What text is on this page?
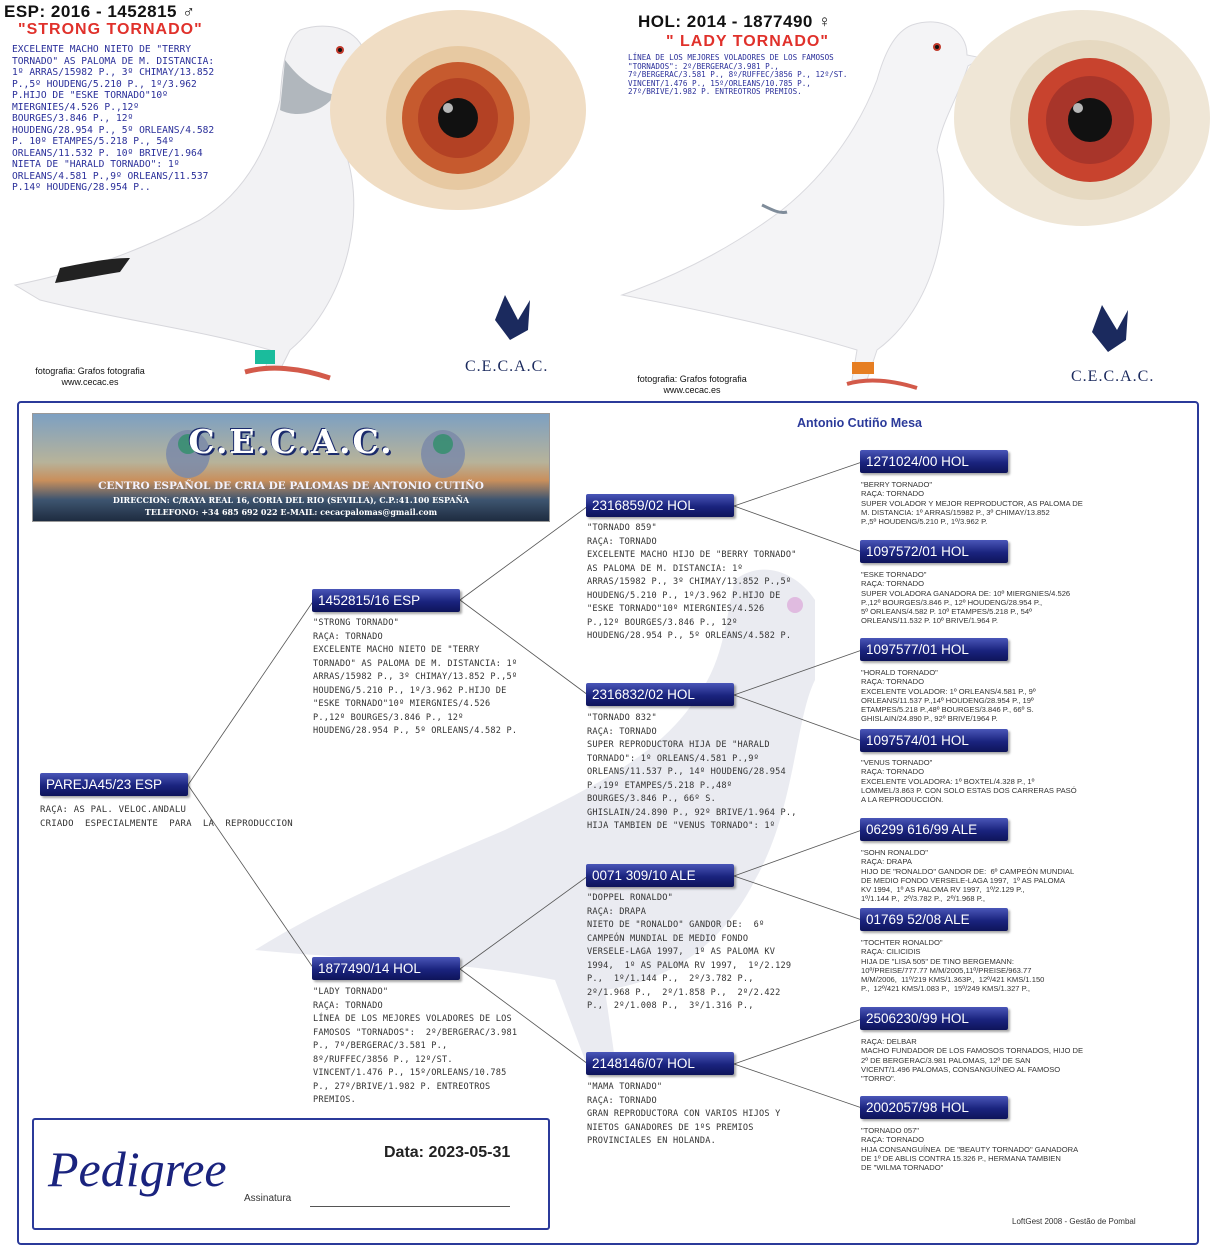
ESP: 2016 - 1452815 ♂
"STRONG TORNADO"
EXCELENTE MACHO NIETO DE "TERRY
TORNADO" AS PALOMA DE M. DISTANCIA:
1º ARRAS/15982 P., 3º CHIMAY/13.852
P.,5º HOUDENG/5.210 P., 1º/3.962
P.HIJO DE "ESKE TORNADO"10º
MIERGNIES/4.526 P.,12º
BOURGES/3.846 P., 12º
HOUDENG/28.954 P., 5º ORLEANS/4.582
P. 10º ETAMPES/5.218 P., 54º
ORLEANS/11.532 P. 10º BRIVE/1.964
NIETA DE "HARALD TORNADO": 1º
ORLEANS/4.581 P.,9º ORLEANS/11.537
P.14º HOUDENG/28.954 P..
fotografia: Grafos fotografia
www.cecac.es
C.E.C.A.C.
HOL: 2014 - 1877490 ♀
" LADY TORNADO"
LÍNEA DE LOS MEJORES VOLADORES DE LOS FAMOSOS
"TORNADOS": 2º/BERGERAC/3.981 P.,
7º/BERGERAC/3.581 P., 8º/RUFFEC/3856 P., 12º/ST.
VINCENT/1.476 P., 15º/ORLEANS/10.785 P.,
27º/BRIVE/1.982 P. ENTREOTROS PREMIOS.
fotografia: Grafos fotografia
www.cecac.es
C.E.C.A.C.
Antonio Cutiño Mesa
C.E.C.A.C.
CENTRO ESPAÑOL DE CRIA DE PALOMAS DE ANTONIO CUTIÑO
DIRECCION: C/RAYA REAL 16, CORIA DEL RIO (SEVILLA), C.P.:41.100 ESPAÑA
TELEFONO: +34 685 692 022 E-MAIL: cecacpalomas@gmail.com
PAREJA45/23 ESP
RAÇA: AS PAL. VELOC.ANDALU
CRIADO  ESPECIALMENTE  PARA  LA  REPRODUCCION
1452815/16 ESP
"STRONG TORNADO"
RAÇA: TORNADO
EXCELENTE MACHO NIETO DE "TERRY
TORNADO" AS PALOMA DE M. DISTANCIA: 1º
ARRAS/15982 P., 3º CHIMAY/13.852 P.,5º
HOUDENG/5.210 P., 1º/3.962 P.HIJO DE
"ESKE TORNADO"10º MIERGNIES/4.526
P.,12º BOURGES/3.846 P., 12º
HOUDENG/28.954 P., 5º ORLEANS/4.582 P.
1877490/14 HOL
"LADY TORNADO"
RAÇA: TORNADO
LÍNEA DE LOS MEJORES VOLADORES DE LOS
FAMOSOS "TORNADOS":  2º/BERGERAC/3.981
P., 7º/BERGERAC/3.581 P.,
8º/RUFFEC/3856 P., 12º/ST.
VINCENT/1.476 P., 15º/ORLEANS/10.785
P., 27º/BRIVE/1.982 P. ENTREOTROS
PREMIOS.
2316859/02 HOL
"TORNADO 859"
RAÇA: TORNADO
EXCELENTE MACHO HIJO DE "BERRY TORNADO"
AS PALOMA DE M. DISTANCIA: 1º
ARRAS/15982 P., 3º CHIMAY/13.852 P.,5º
HOUDENG/5.210 P., 1º/3.962 P.HIJO DE
"ESKE TORNADO"10º MIERGNIES/4.526
P.,12º BOURGES/3.846 P., 12º
HOUDENG/28.954 P., 5º ORLEANS/4.582 P.
2316832/02 HOL
"TORNADO 832"
RAÇA: TORNADO
SUPER REPRODUCTORA HIJA DE "HARALD
TORNADO": 1º ORLEANS/4.581 P.,9º
ORLEANS/11.537 P., 14º HOUDENG/28.954
P.,19º ETAMPES/5.218 P.,48º
BOURGES/3.846 P., 66º S.
GHISLAIN/24.890 P., 92º BRIVE/1.964 P.,
HIJA TAMBIEN DE "VENUS TORNADO": 1º
0071 309/10 ALE
"DOPPEL RONALDO"
RAÇA: DRAPA
NIETO DE "RONALDO" GANDOR DE:  6º
CAMPEÓN MUNDIAL DE MEDIO FONDO
VERSELE-LAGA 1997,  1º AS PALOMA KV
1994,  1º AS PALOMA RV 1997,  1º/2.129
P.,  1º/1.144 P.,  2º/3.782 P.,
2º/1.968 P.,  2º/1.858 P.,  2º/2.422
P.,  2º/1.008 P.,  3º/1.316 P.,
2148146/07 HOL
"MAMA TORNADO"
RAÇA: TORNADO
GRAN REPRODUCTORA CON VARIOS HIJOS Y
NIETOS GANADORES DE 1ºS PREMIOS
PROVINCIALES EN HOLANDA.
1271024/00 HOL
"BERRY TORNADO"
RAÇA: TORNADO
SUPER VOLADOR Y MEJOR REPRODUCTOR, AS PALOMA DE
M. DISTANCIA: 1º ARRAS/15982 P., 3º CHIMAY/13.852
P.,5º HOUDENG/5.210 P., 1º/3.962 P.
1097572/01 HOL
"ESKE TORNADO"
RAÇA: TORNADO
SUPER VOLADORA GANADORA DE: 10º MIERGNIES/4.526
P.,12º BOURGES/3.846 P., 12º HOUDENG/28.954 P.,
5º ORLEANS/4.582 P. 10º ETAMPES/5.218 P., 54º
ORLEANS/11.532 P. 10º BRIVE/1.964 P.
1097577/01 HOL
"HORALD TORNADO"
RAÇA: TORNADO
EXCELENTE VOLADOR: 1º ORLEANS/4.581 P., 9º
ORLEANS/11.537 P.,14º HOUDENG/28.954 P., 19º
ETAMPES/5.218 P.,48º BOURGES/3.846 P., 66º S.
GHISLAIN/24.890 P., 92º BRIVE/1964 P.
1097574/01 HOL
"VENUS TORNADO"
RAÇA: TORNADO
EXCELENTE VOLADORA: 1º BOXTEL/4.328 P., 1º
LOMMEL/3.863 P. CON SOLO ESTAS DOS CARRERAS PASÓ
A LA REPRODUCCIÓN.
06299 616/99 ALE
"SOHN RONALDO"
RAÇA: DRAPA
HIJO DE "RONALDO" GANDOR DE:  6º CAMPEÓN MUNDIAL
DE MEDIO FONDO VERSELE-LAGA 1997,  1º AS PALOMA
KV 1994,  1º AS PALOMA RV 1997,  1º/2.129 P.,
1º/1.144 P.,  2º/3.782 P.,  2º/1.968 P.,
01769 52/08 ALE
"TOCHTER RONALDO"
RAÇA: CILICIDIS
HIJA DE "LISA 505" DE TINO BERGEMANN:
10º/PREISE/777.77 M/M/2005,11º/PREISE/963.77
M/M/2006,  11º/219 KMS/1.363P.,  12º/421 KMS/1.150
P.,  12º/421 KMS/1.083 P.,  15º/249 KMS/1.327 P.,
2506230/99 HOL
RAÇA: DELBAR
MACHO FUNDADOR DE LOS FAMOSOS TORNADOS, HIJO DE
2º DE BERGERAC/3.981 PALOMAS, 12º DE SAN
VICENT/1.496 PALOMAS, CONSANGUÍNEO AL FAMOSO
"TORRO".
2002057/98 HOL
"TORNADO 057"
RAÇA: TORNADO
HIJA CONSANGUÍNEA  DE "BEAUTY TORNADO" GANADORA
DE 1º DE ABLIS CONTRA 15.326 P., HERMANA TAMBIEN
DE "WILMA TORNADO"
Pedigree	Data: 2023-05-31
Assinatura
LoftGest 2008 - Gestão de Pombal
